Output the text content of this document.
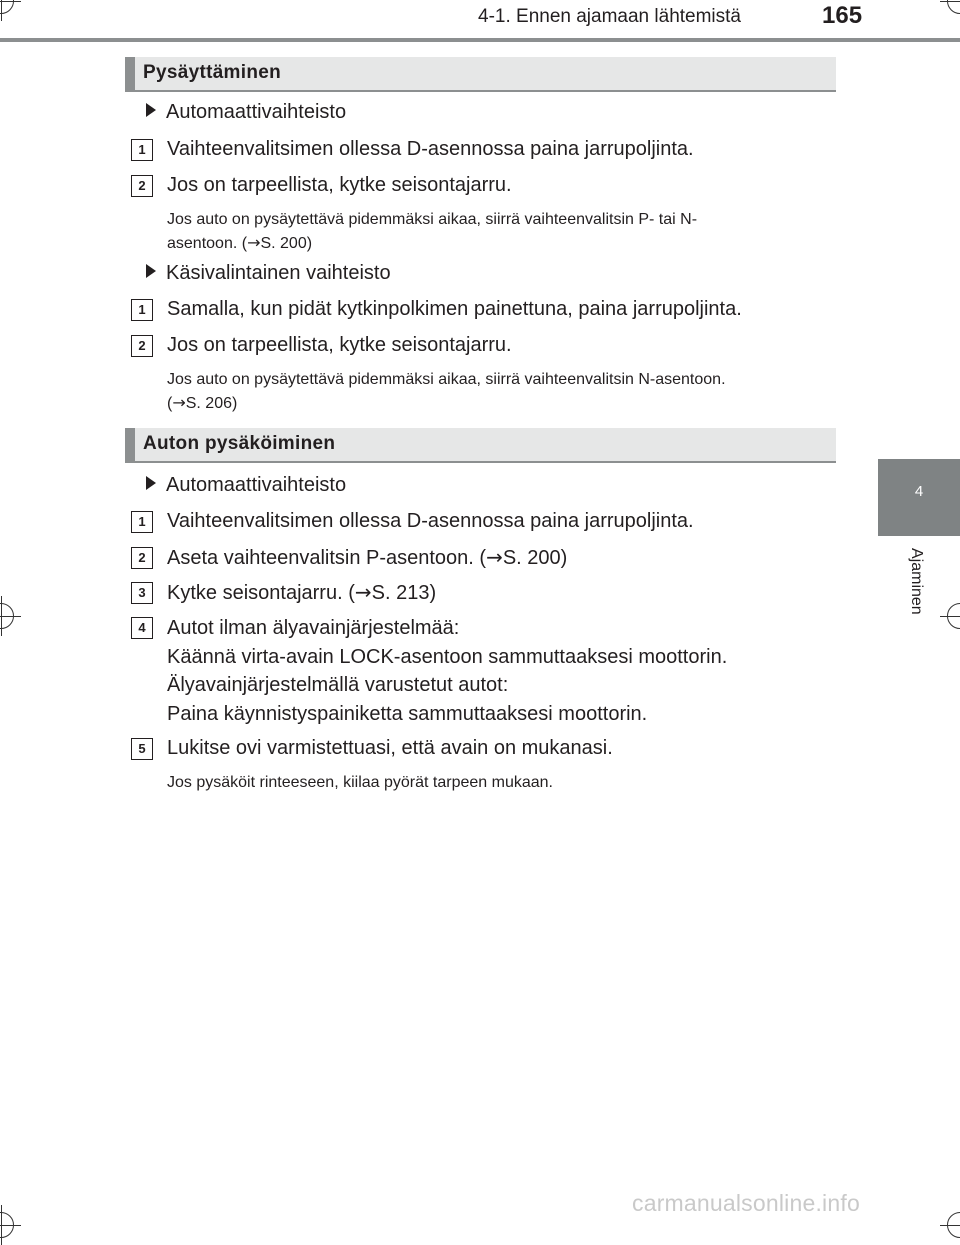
4-1. Ennen ajamaan lähtemistä	165
4
Ajaminen
Pysäyttäminen
Automaattivaihteisto
1	Vaihteenvalitsimen ollessa D-asennossa paina jarrupoljinta.
2	Jos on tarpeellista, kytke seisontajarru.
Jos auto on pysäytettävä pidemmäksi aikaa, siirrä vaihteenvalitsin P- tai N-
asentoon. (→S. 200)
Käsivalintainen vaihteisto
1	Samalla, kun pidät kytkinpolkimen painettuna, paina jarrupoljinta.
2	Jos on tarpeellista, kytke seisontajarru.
Jos auto on pysäytettävä pidemmäksi aikaa, siirrä vaihteenvalitsin N-asentoon.
(→S. 206)
Auton pysäköiminen
Automaattivaihteisto
1	Vaihteenvalitsimen ollessa D-asennossa paina jarrupoljinta.
2	Aseta vaihteenvalitsin P-asentoon. (→S. 200)
3	Kytke seisontajarru. (→S. 213)
4	Autot ilman älyavainjärjestelmää:
Käännä virta-avain LOCK-asentoon sammuttaaksesi moottorin.
Älyavainjärjestelmällä varustetut autot:
Paina käynnistyspainiketta sammuttaaksesi moottorin.
5	Lukitse ovi varmistettuasi, että avain on mukanasi.
Jos pysäköit rinteeseen, kiilaa pyörät tarpeen mukaan.
carmanualsonline.info
